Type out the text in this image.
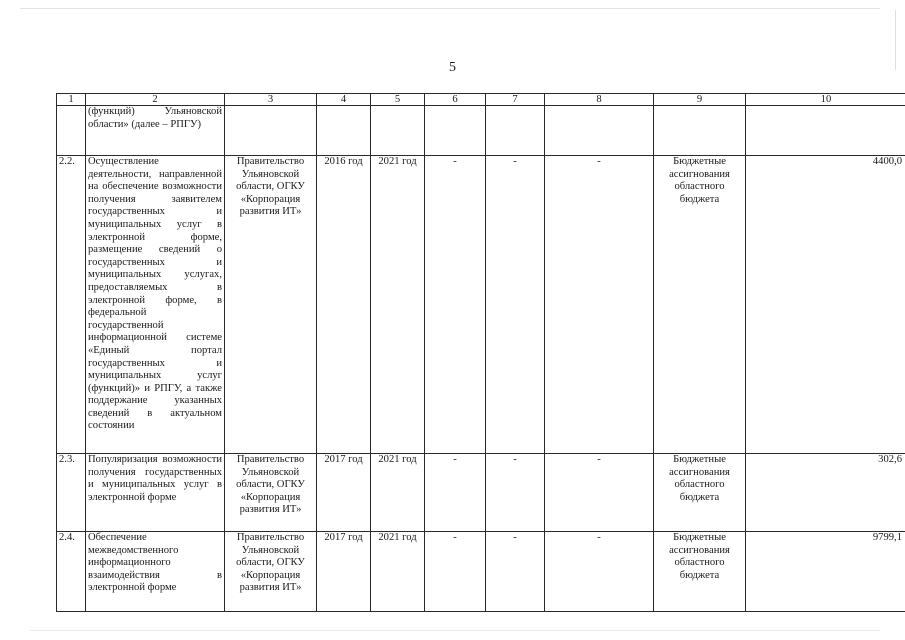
5
1	2	3	4	5	6	7	8	9	10
	(функций) Ульяновской области» (далее – РПГУ)								
2.2.	Осуществление деятельности, направленной на обеспечение возможности получения заявителем государственных и муниципальных услуг в электронной форме, размещение сведений о государственных и муниципальных услугах, предоставляемых в электронной форме, в федеральной государственной информационной системе «Единый портал государственных и муниципальных услуг (функций)» и РПГУ, а также поддержание указанных сведений в актуальном состоянии	Правительство Ульяновской области, ОГКУ «Корпорация развития ИТ»	2016 год	2021 год	-	-	-	Бюджетные ассигнования областного бюджета	4400,0
2.3.	Популяризация возможности получения государственных и муниципальных услуг в электронной форме	Правительство Ульяновской области, ОГКУ «Корпорация развития ИТ»	2017 год	2021 год	-	-	-	Бюджетные ассигнования областного бюджета	302,6
2.4.	Обеспечение межведомственного информационного взаимодействия в электронной форме	Правительство Ульяновской области, ОГКУ «Корпорация развития ИТ»	2017 год	2021 год	-	-	-	Бюджетные ассигнования областного бюджета	9799,1
